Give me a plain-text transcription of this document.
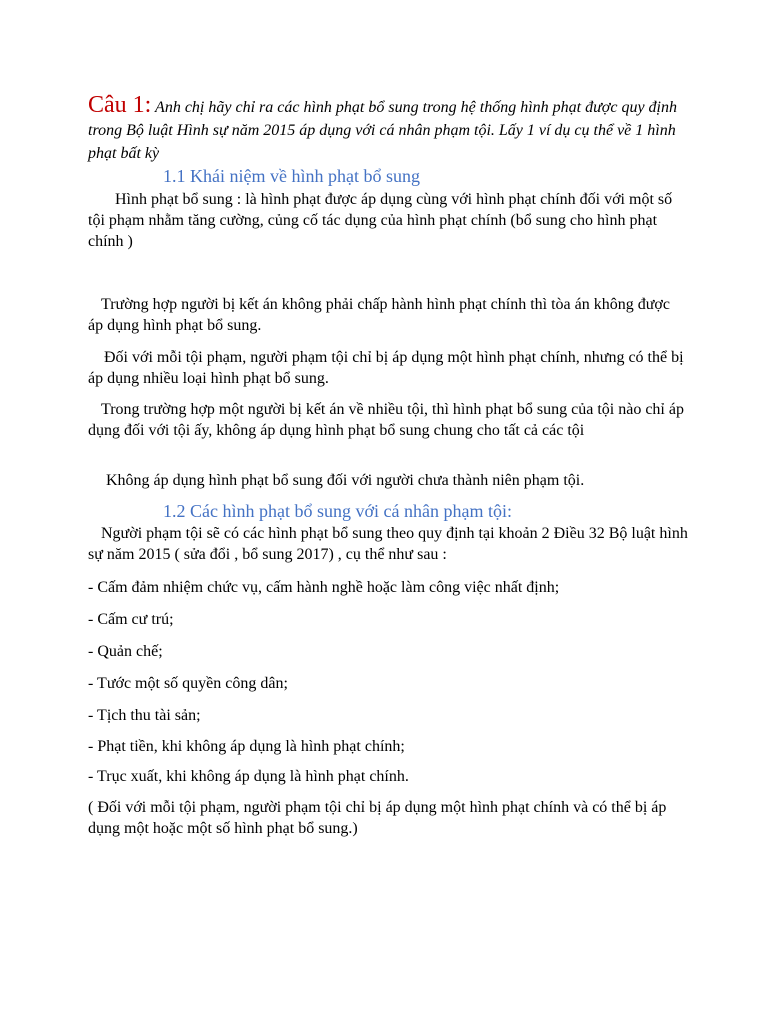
Câu 1: Anh chị hãy chỉ ra các hình phạt bổ sung trong hệ thống hình phạt được quy định trong Bộ luật Hình sự năm 2015 áp dụng với cá nhân phạm tội. Lấy 1 ví dụ cụ thể về 1 hình phạt bất kỳ

1.1 Khái niệm về hình phạt bổ sung

Hình phạt bổ sung : là hình phạt được áp dụng cùng với hình phạt chính đối với một số tội phạm nhằm tăng cường, củng cố tác dụng của hình phạt chính (bổ sung cho hình phạt chính )

Trường hợp người bị kết án không phải chấp hành hình phạt chính thì tòa án không được áp dụng hình phạt bổ sung.

Đối với mỗi tội phạm, người phạm tội chỉ bị áp dụng một hình phạt chính, nhưng có thể bị áp dụng nhiều loại hình phạt bổ sung.

Trong trường hợp một người bị kết án về nhiều tội, thì hình phạt bổ sung của tội nào chỉ áp dụng đối với tội ấy, không áp dụng hình phạt bổ sung chung cho tất cả các tội

Không áp dụng hình phạt bổ sung đối với người chưa thành niên phạm tội.

1.2 Các hình phạt bổ sung với cá nhân phạm tội:

Người phạm tội sẽ có các hình phạt bổ sung theo quy định tại khoản 2 Điều 32 Bộ luật hình sự năm 2015 ( sửa đổi , bổ sung 2017) , cụ thể như sau :

- Cấm đảm nhiệm chức vụ, cấm hành nghề hoặc làm công việc nhất định;

- Cấm cư trú;

- Quản chế;

- Tước một số quyền công dân;

- Tịch thu tài sản;

- Phạt tiền, khi không áp dụng là hình phạt chính;

- Trục xuất, khi không áp dụng là hình phạt chính.

( Đối với mỗi tội phạm, người phạm tội chỉ bị áp dụng một hình phạt chính và có thể bị áp dụng một hoặc một số hình phạt bổ sung.)
